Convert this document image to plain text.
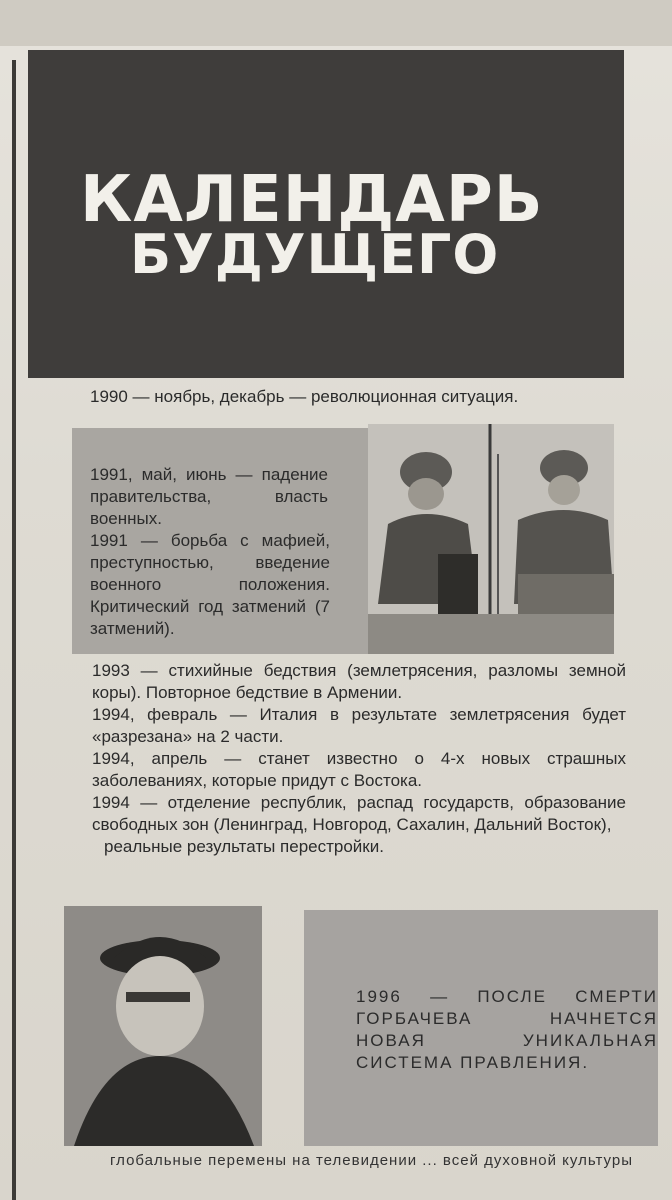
КАЛЕНДАРЬ
БУДУЩЕГО
1990 — ноябрь, декабрь — революционная ситуация.
1991, май, июнь — падение правительства, власть военных.
1991 — борьба с мафией, преступностью, введение военного положения. Критический год затмений (7 затмений).
1993 — стихийные бедствия (землетрясения, разломы земной коры). Повторное бедствие в Армении.
1994, февраль — Италия в результате землетрясения будет «разрезана» на 2 части.
1994, апрель — станет известно о 4-х новых страшных заболеваниях, которые придут с Востока.
1994 — отделение республик, распад государств, образование свободных зон (Ленинград, Новгород, Сахалин, Дальний Восток),
реальные результаты перестройки.
1996 — ПОСЛЕ СМЕРТИ ГОРБАЧЕВА НАЧНЕТСЯ НОВАЯ УНИКАЛЬНАЯ СИСТЕМА ПРАВЛЕНИЯ.
глобальные перемены на телевидении ... всей духовной культуры
